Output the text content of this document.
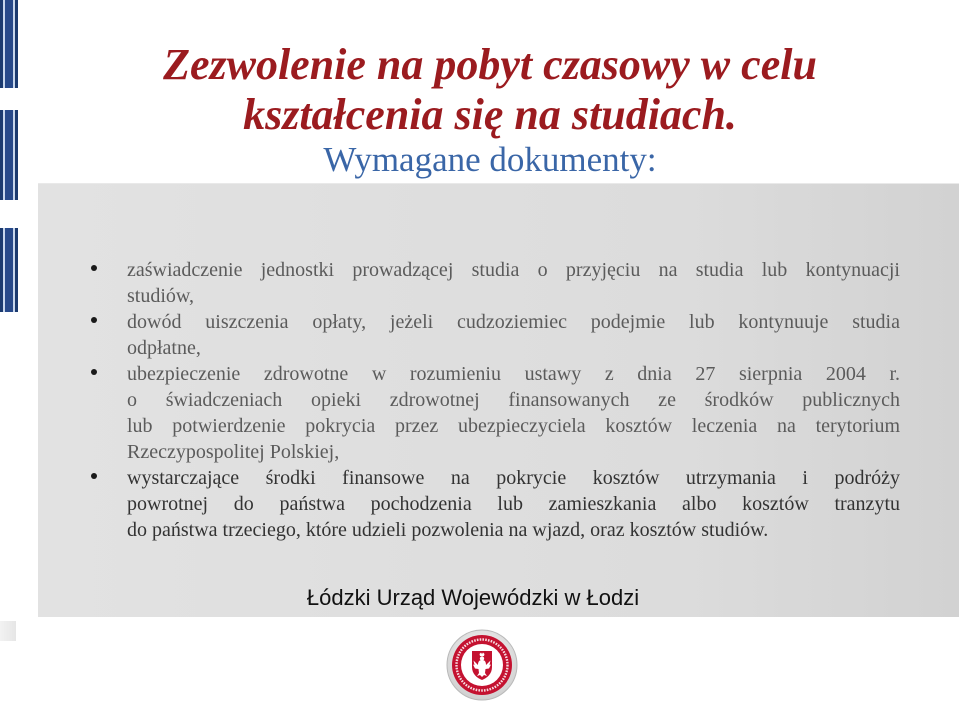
Zezwolenie na pobyt czasowy w celu
kształcenia się na studiach.
Wymagane dokumenty:
zaświadczenie jednostki prowadzącej studia o przyjęciu na studia lub kontynuacji
studiów,
dowód uiszczenia opłaty, jeżeli cudzoziemiec podejmie lub kontynuuje studia
odpłatne,
ubezpieczenie zdrowotne w rozumieniu ustawy z dnia 27 sierpnia 2004 r.
o świadczeniach opieki zdrowotnej finansowanych ze środków publicznych
lub potwierdzenie pokrycia przez ubezpieczyciela kosztów leczenia na terytorium
Rzeczypospolitej Polskiej,
wystarczające środki finansowe na pokrycie kosztów utrzymania i podróży
powrotnej do państwa pochodzenia lub zamieszkania albo kosztów tranzytu
do państwa trzeciego, które udzieli pozwolenia na wjazd, oraz kosztów studiów.
Łódzki Urząd Wojewódzki w Łodzi
